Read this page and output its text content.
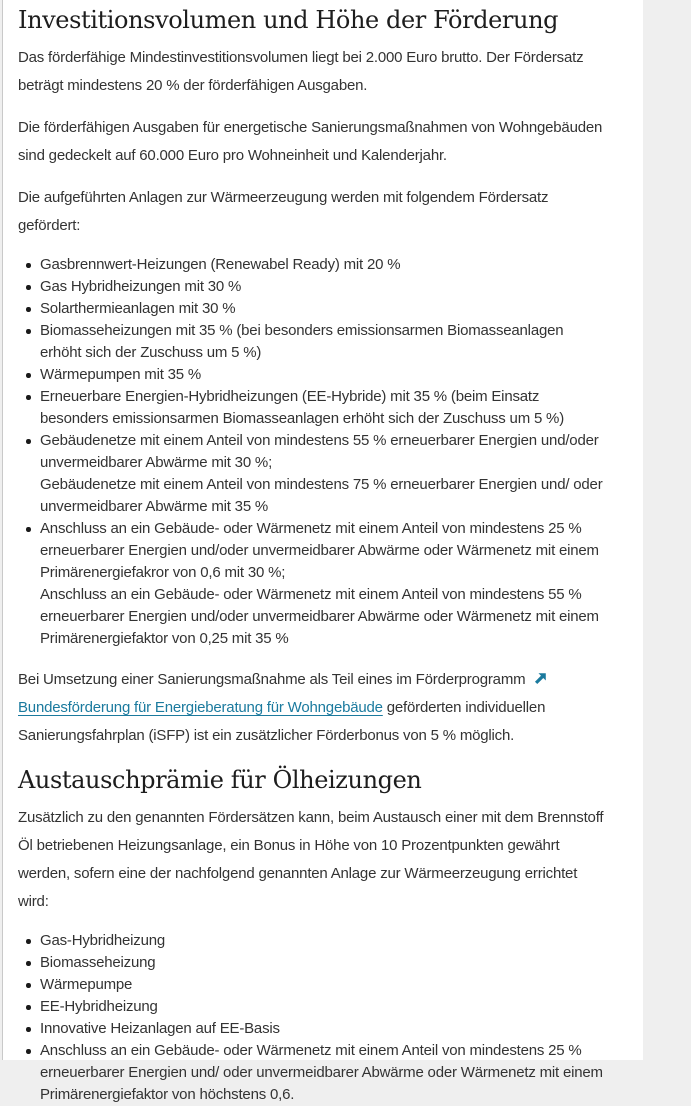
Investitionsvolumen und Höhe der Förderung

Das förderfähige Mindestinvestitionsvolumen liegt bei 2.000 Euro brutto. Der Fördersatz beträgt mindestens 20 % der förderfähigen Ausgaben.

Die förderfähigen Ausgaben für energetische Sanierungsmaßnahmen von Wohngebäuden sind gedeckelt auf 60.000 Euro pro Wohneinheit und Kalenderjahr.

Die aufgeführten Anlagen zur Wärmeerzeugung werden mit folgendem Fördersatz gefördert:

Gasbrennwert-Heizungen (Renewabel Ready) mit 20 %
Gas Hybridheizungen mit 30 %
Solarthermieanlagen mit 30 %
Biomasseheizungen mit 35 % (bei besonders emissionsarmen Biomasseanlagen erhöht sich der Zuschuss um 5 %)
Wärmepumpen mit 35 %
Erneuerbare Energien-Hybridheizungen (EE-Hybride) mit 35 % (beim Einsatz besonders emissionsarmen Biomasseanlagen erhöht sich der Zuschuss um 5 %)
Gebäudenetze mit einem Anteil von mindestens 55 % erneuerbarer Energien und/oder unvermeidbarer Abwärme mit 30 %;
Gebäudenetze mit einem Anteil von mindestens 75 % erneuerbarer Energien und/ oder unvermeidbarer Abwärme mit 35 %
Anschluss an ein Gebäude- oder Wärmenetz mit einem Anteil von mindestens 25 % erneuerbarer Energien und/oder unvermeidbarer Abwärme oder Wärmenetz mit einem Primärenergiefakror von 0,6 mit 30 %;
Anschluss an ein Gebäude- oder Wärmenetz mit einem Anteil von mindestens 55 % erneuerbarer Energien und/oder unvermeidbarer Abwärme oder Wärmenetz mit einem Primärenergiefaktor von 0,25 mit 35 %

Bei Umsetzung einer Sanierungsmaßnahme als Teil eines im Förderprogramm
Bundesförderung für Energieberatung für Wohngebäude geförderten individuellen Sanierungsfahrplan (iSFP) ist ein zusätzlicher Förderbonus von 5 % möglich.

Austauschprämie für Ölheizungen

Zusätzlich zu den genannten Fördersätzen kann, beim Austausch einer mit dem Brennstoff Öl betriebenen Heizungsanlage, ein Bonus in Höhe von 10 Prozentpunkten gewährt werden, sofern eine der nachfolgend genannten Anlage zur Wärmeerzeugung errichtet wird:

Gas-Hybridheizung
Biomasseheizung
Wärmepumpe
EE-Hybridheizung
Innovative Heizanlagen auf EE-Basis
Anschluss an ein Gebäude- oder Wärmenetz mit einem Anteil von mindestens 25 % erneuerbarer Energien und/ oder unvermeidbarer Abwärme oder Wärmenetz mit einem Primärenergiefaktor von höchstens 0,6.
